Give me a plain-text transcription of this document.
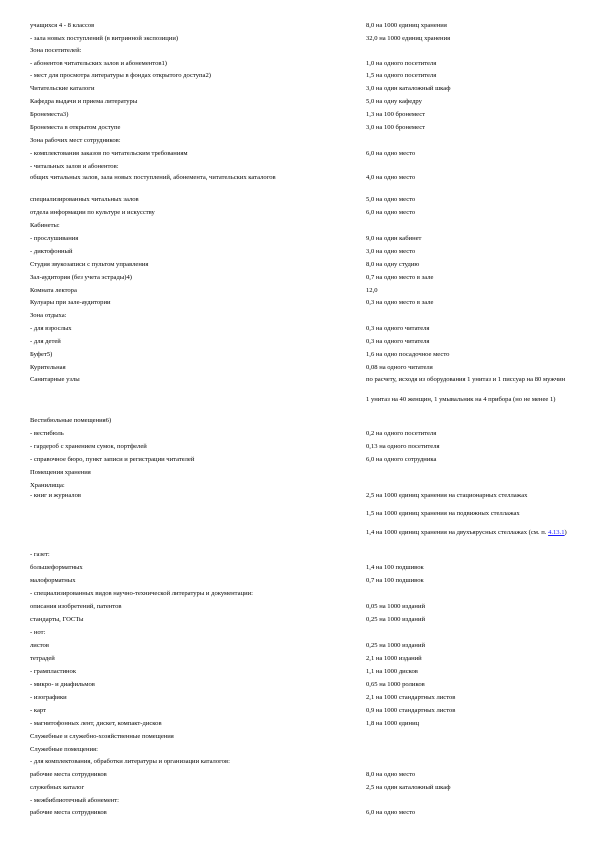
учащихся 4 - 8 классов	8,0 на 1000 единиц хранения
- зала новых поступлений (в витринной экспозиции)	32,0 на 1000 единиц хранения
Зона посетителей:
- абонентов читательских залов и абонементов1)	1,0 на одного посетителя
- мест для просмотра литературы в фондах открытого доступа2)	1,5 на одного посетителя
Читательские каталоги	3,0 на один каталожный шкаф
Кафедра выдачи и приема литературы	5,0 на одну кафедру
Бронеместа3)	1,3 на 100 бронемест
Бронеместа в открытом доступе	3,0 на 100 бронемест
Зона рабочих мест сотрудников:
- комплектования заказов по читательским требованиям	6,0 на одно место
- читальных залов и абонентов:
общих читальных залов, зала новых поступлений, абонемента, читательских каталогов	4,0 на одно место
специализированных читальных залов	5,0 на одно место
отдела информации по культуре и искусству	6,0 на одно место
Кабинеты:
- прослушивания	9,0 на один кабинет
- диктофонный	3,0 на одно место
Студия звукозаписи с пультом управления	8,0 на одну студию
Зал-аудитория (без учета эстрады)4)	0,7 на одно место в зале
Комната лектора	12,0
Кулуары при зале-аудитории	0,3 на одно место в зале
Зона отдыха:
- для взрослых	0,3 на одного читателя
- для детей	0,3 на одного читателя
Буфет5)	1,6 на одно посадочное место
Курительная	0,08 на одного читателя
Санитарные узлы	по расчету, исходя из оборудования 1 унитаз и 1 писсуар на 80 мужчин
1 унитаз на 40 женщин, 1 умывальник на 4 прибора (но не менее 1)
Вестибюльные помещения6)
- вестибюль	0,2 на одного посетителя
- гардероб с хранением сумок, портфелей	0,13 на одного посетителя
- справочное бюро, пункт записи и регистрации читателей	6,0 на одного сотрудника
Помещения хранения
Хранилища:
- книг и журналов	2,5 на 1000 единиц хранения на стационарных стеллажах
1,5 на 1000 единиц хранения на подвижных стеллажах
1,4 на 1000 единиц хранения на двухъярусных стеллажах (см. п. 4.13.1)
- газет:
большеформатных	1,4 на 100 подшивок
малоформатных	0,7 на 100 подшивок
- специализированных видов научно-технической литературы и документации:
описания изобретений, патентов	0,05 на 1000 изданий
стандарты, ГОСТы	0,25 на 1000 изданий
- нот:
листов	0,25 на 1000 изданий
тетрадей	2,1 на 1000 изданий
- грампластинок	1,1 на 1000 дисков
- микро- и диафильмов	0,65 на 1000 роликов
- изографики	2,1 на 1000 стандартных листов
- карт	0,9 на 1000 стандартных листов
- магнитофонных лент, дискет, компакт-дисков	1,8 на 1000 единиц
Служебные и служебно-хозяйственные помещения
Служебные помещения:
- для комплектования, обработки литературы и организации каталогов:
рабочие места сотрудников	8,0 на одно место
служебных каталог	2,5 на один каталожный шкаф
- межбиблиотечный абонемент:
рабочие места сотрудников	6,0 на одно место
